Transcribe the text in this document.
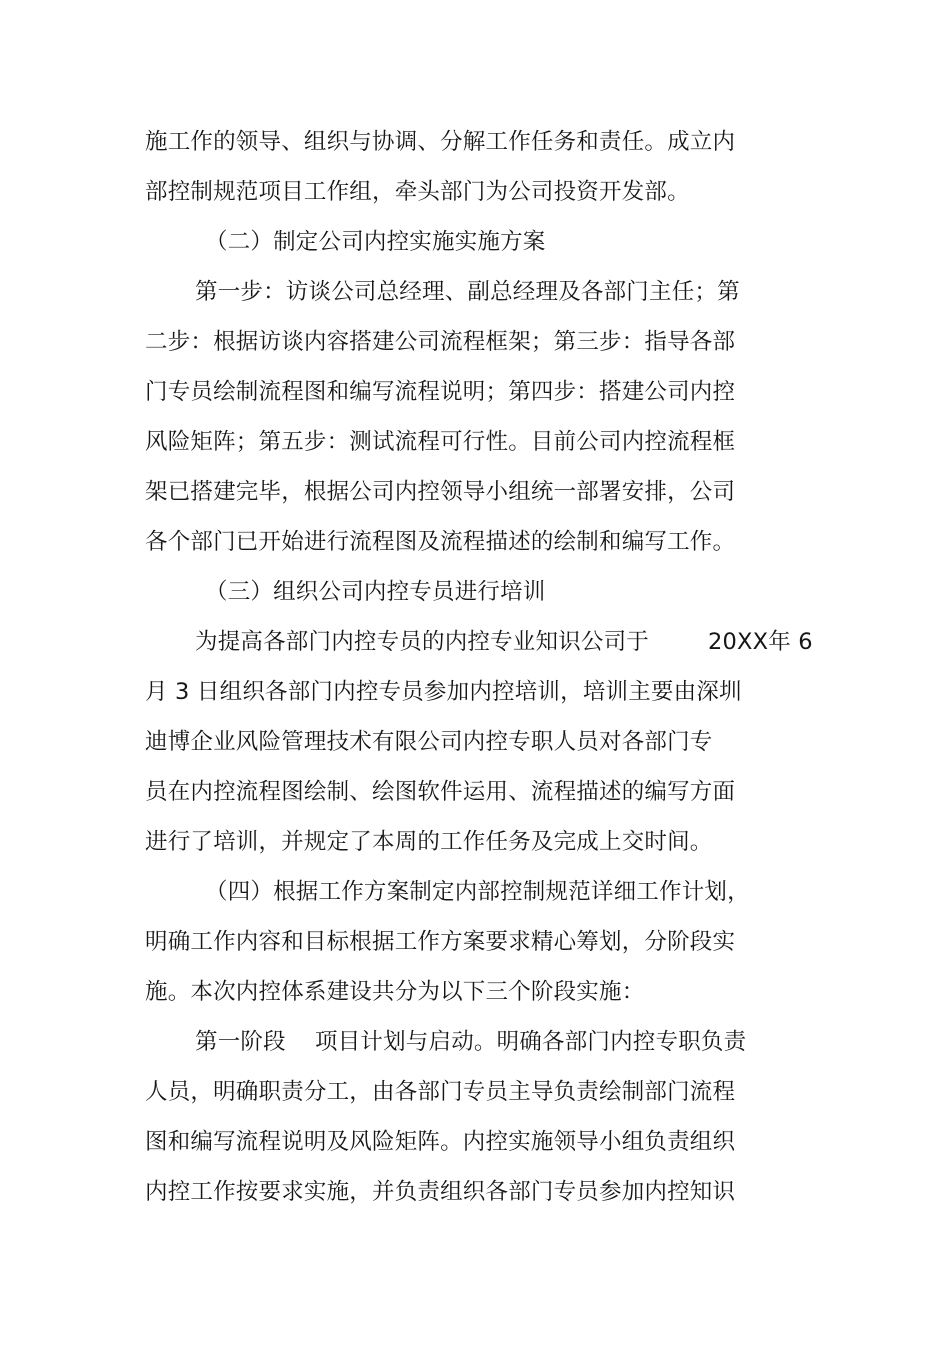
施工作的领导、组织与协调、分解工作任务和责任。成立内
部控制规范项目工作组，牵头部门为公司投资开发部。
（二）制定公司内控实施实施方案
第一步：访谈公司总经理、副总经理及各部门主任；第
二步：根据访谈内容搭建公司流程框架；第三步：指导各部
门专员绘制流程图和编写流程说明；第四步：搭建公司内控
风险矩阵；第五步：测试流程可行性。目前公司内控流程框
架已搭建完毕，根据公司内控领导小组统一部署安排，公司
各个部门已开始进行流程图及流程描述的绘制和编写工作。
（三）组织公司内控专员进行培训
为提高各部门内控专员的内控专业知识公司于	20XX年 6
月 3 日组织各部门内控专员参加内控培训，培训主要由深圳
迪博企业风险管理技术有限公司内控专职人员对各部门专
员在内控流程图绘制、绘图软件运用、流程描述的编写方面
进行了培训，并规定了本周的工作任务及完成上交时间。
（四）根据工作方案制定内部控制规范详细工作计划，
明确工作内容和目标根据工作方案要求精心筹划，分阶段实
施。本次内控体系建设共分为以下三个阶段实施：
第一阶段 项目计划与启动。明确各部门内控专职负责
人员，明确职责分工，由各部门专员主导负责绘制部门流程
图和编写流程说明及风险矩阵。内控实施领导小组负责组织
内控工作按要求实施，并负责组织各部门专员参加内控知识
